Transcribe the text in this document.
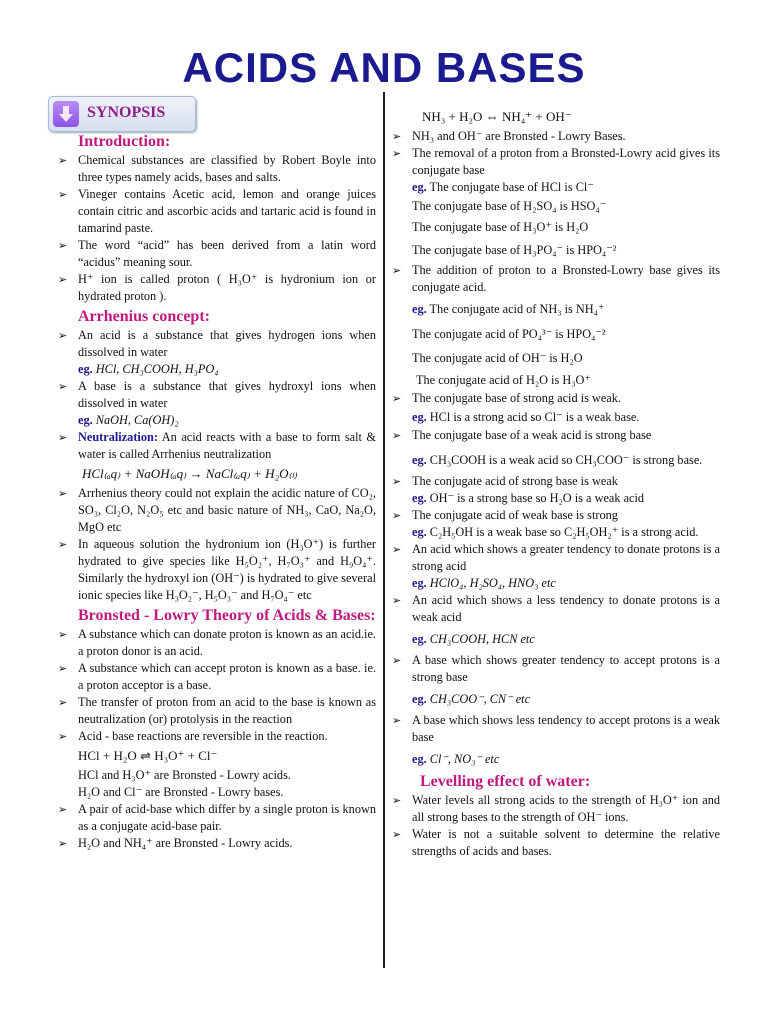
ACIDS AND BASES
SYNOPSIS

Introduction:

➢ Chemical substances are classified by Robert Boyle into three types namely acids, bases and salts.

➢ Vineger contains Acetic acid, lemon and orange juices contain citric and ascorbic acids and tartaric acid is found in tamarind paste.

➢ The word “acid” has been derived from a latin word “acidus” meaning sour.

➢ H⁺ ion is called proton ( H₃O⁺ is hydronium ion or hydrated proton ).

Arrhenius concept:

➢ An acid is a substance that gives hydrogen ions when dissolved in water

eg. HCl, CH₃COOH, H₃PO₄

➢ A base is a substance that gives hydroxyl ions when dissolved in water

eg. NaOH, Ca(OH)₂

➢ Neutralization: An acid reacts with a base to form salt & water is called Arrhenius neutralization

HCl₍ₐq₎ + NaOH₍ₐq₎ → NaCl₍ₐq₎ + H₂O₍ₗ₎

➢ Arrhenius theory could not explain the acidic nature of CO₂, SO₃, Cl₂O, N₂O₅ etc and basic nature of NH₃, CaO, Na₂O, MgO etc

➢ In aqueous solution the hydronium ion (H₃O⁺) is further hydrated to give species like H₅O₂⁺, H₇O₃⁺ and H₉O₄⁺. Similarly the hydroxyl ion (OH⁻) is hydrated to give several ionic species like H₃O₂⁻, H₅O₃⁻ and H₇O₄⁻ etc

Bronsted - Lowry Theory of Acids & Bases:

➢ A substance which can donate proton is known as an acid.ie. a proton donor is an acid.

➢ A substance which can accept proton is known as a base. ie. a proton acceptor is a base.

➢ The transfer of proton from an acid to the base is known as neutralization (or) protolysis in the reaction

➢ Acid - base reactions are reversible in the reaction.

HCl + H₂O ⇌ H₃O⁺ + Cl⁻

HCl and H₃O⁺ are Bronsted - Lowry acids.

H₂O and Cl⁻ are Bronsted - Lowry bases.

➢ A pair of acid-base which differ by a single proton is known as a conjugate acid-base pair.

➢ H₂O and NH₄⁺ are Bronsted - Lowry acids.

NH₃ + H₂O ⇔ NH₄⁺ + OH⁻

➢ NH₃ and OH⁻ are Bronsted - Lowry Bases.

➢ The removal of a proton from a Bronsted-Lowry acid gives its conjugate base

eg. The conjugate base of HCl is Cl⁻

The conjugate base of H₂SO₄ is HSO₄⁻

The conjugate base of H₃O⁺ is H₂O

The conjugate base of H₃PO₄⁻ is HPO₄⁻²

➢ The addition of proton to a Bronsted-Lowry base gives its conjugate acid.

eg. The conjugate acid of NH₃ is NH₄⁺

The conjugate acid of PO₄³⁻ is HPO₄⁻²

The conjugate acid of OH⁻ is H₂O

The conjugate acid of H₂O is H₃O⁺

➢ The conjugate base of strong acid is weak.

eg. HCl is a strong acid so Cl⁻ is a weak base.

➢ The conjugate base of a weak acid is strong base

eg. CH₃COOH is a weak acid so CH₃COO⁻ is strong base.

➢ The conjugate acid of strong base is weak

eg. OH⁻ is a strong base so H₂O is a weak acid

➢ The conjugate acid of weak base is strong

eg. C₂H₅OH is a weak base so C₂H₅OH₂⁺ is a strong acid.

➢ An acid which shows a greater tendency to donate protons is a strong acid

eg. HClO₄, H₂SO₄, HNO₃ etc

➢ An acid which shows a less tendency to donate protons is a weak acid

eg. CH₃COOH, HCN etc

➢ A base which shows greater tendency to accept protons is a strong base

eg. CH₃COO⁻, CN⁻ etc

➢ A base which shows less tendency to accept protons is a weak base

eg. Cl⁻, NO₃⁻ etc

Levelling effect of water:

➢ Water levels all strong acids to the strength of H₃O⁺ ion and all strong bases to the strength of OH⁻ ions.

➢ Water is not a suitable solvent to determine the relative strengths of acids and bases.
